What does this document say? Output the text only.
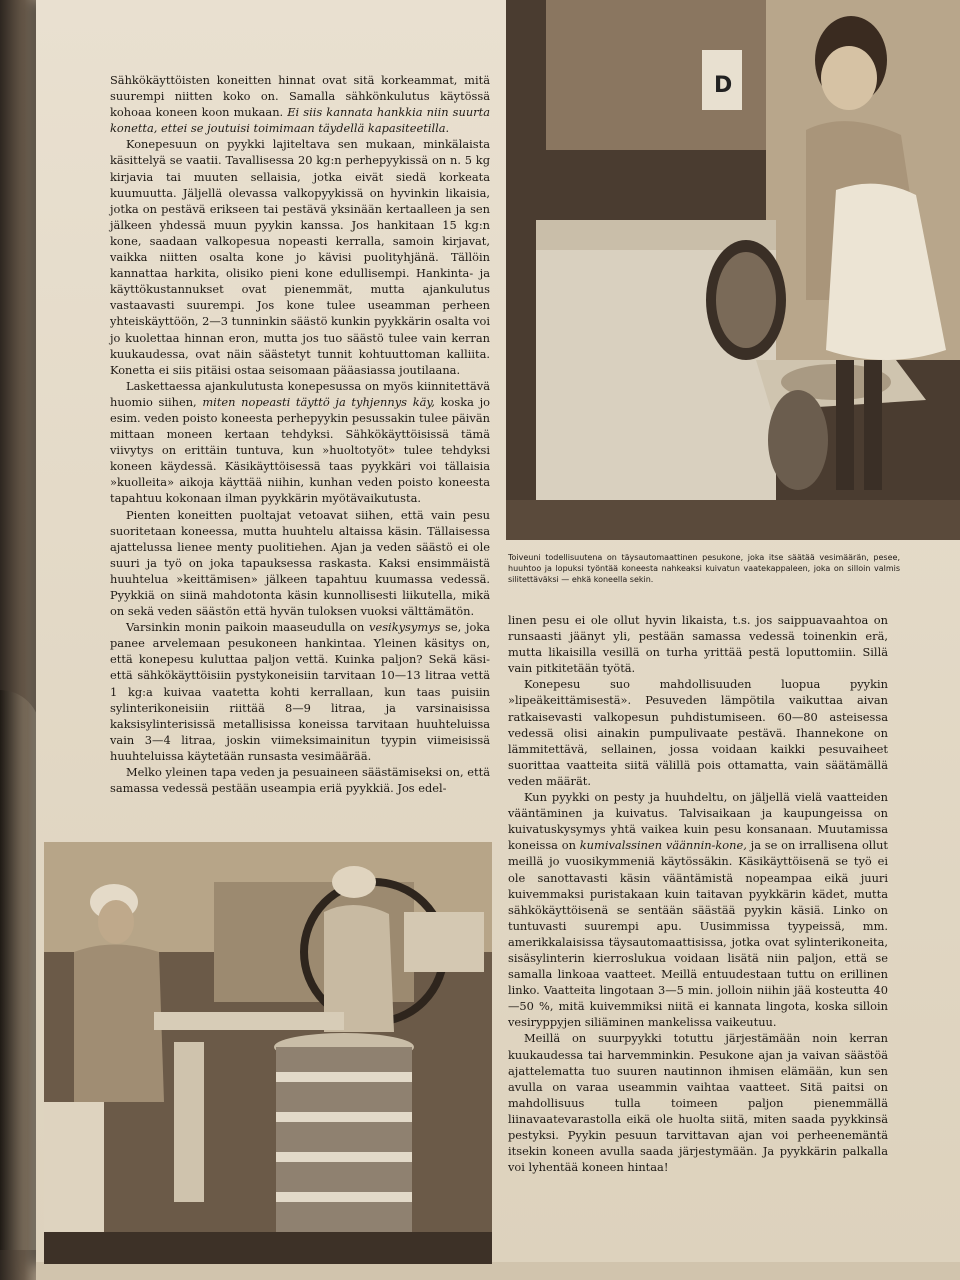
Sähkökäyttöisten koneitten hinnat ovat sitä korkeammat, mitä suurempi niitten koko on. Samalla sähkönkulutus käytössä kohoaa koneen koon mukaan. Ei siis kannata hankkia niin suurta konetta, ettei se joutuisi toimimaan täydellä kapasiteetilla.

Konepesuun on pyykki lajiteltava sen mukaan, minkälaista käsittelyä se vaatii. Tavallisessa 20 kg:n perhepyykissä on n. 5 kg kirjavia tai muuten sellaisia, jotka eivät siedä korkeata kuumuutta. Jäljellä olevassa valkopyykissä on hyvinkin likaisia, jotka on pestävä erikseen tai pestävä yksinään kertaalleen ja sen jälkeen yhdessä muun pyykin kanssa. Jos hankitaan 15 kg:n kone, saadaan valkopesua nopeasti kerralla, samoin kirjavat, vaikka niitten osalta kone jo kävisi puolityhjänä. Tällöin kannattaa harkita, olisiko pieni kone edullisempi. Hankinta- ja käyttökustannukset ovat pienemmät, mutta ajankulutus vastaavasti suurempi. Jos kone tulee useamman perheen yhteiskäyttöön, 2—3 tunninkin säästö kunkin pyykkärin osalta voi jo kuolettaa hinnan eron, mutta jos tuo säästö tulee vain kerran kuukaudessa, ovat näin säästetyt tunnit kohtuuttoman kalliita. Konetta ei siis pitäisi ostaa seisomaan pääasiassa joutilaana.

Laskettaessa ajankulutusta konepesussa on myös kiinnitettävä huomio siihen, miten nopeasti täyttö ja tyhjennys käy, koska jo esim. veden poisto koneesta perhepyykin pesussakin tulee päivän mittaan moneen kertaan tehdyksi. Sähkökäyttöisissä tämä viivytys on erittäin tuntuva, kun »huoltotyöt» tulee tehdyksi koneen käydessä. Käsikäyttöisessä taas pyykkäri voi tällaisia »kuolleita» aikoja käyttää niihin, kunhan veden poisto koneesta tapahtuu kokonaan ilman pyykkärin myötävaikutusta.

Pienten koneitten puoltajat vetoavat siihen, että vain pesu suoritetaan koneessa, mutta huuhtelu altaissa käsin. Tällaisessa ajattelussa lienee menty puolitiehen. Ajan ja veden säästö ei ole suuri ja työ on joka tapauksessa raskasta. Kaksi ensimmäistä huuhtelua »keittämisen» jälkeen tapahtuu kuumassa vedessä. Pyykkiä on siinä mahdotonta käsin kunnollisesti liikutella, mikä on sekä veden säästön että hyvän tuloksen vuoksi välttämätön.

Varsinkin monin paikoin maaseudulla on vesikysymys se, joka panee arvelemaan pesukoneen hankintaa. Yleinen käsitys on, että konepesu kuluttaa paljon vettä. Kuinka paljon? Sekä käsi- että sähkökäyttöisiin pystykoneisiin tarvitaan 10—13 litraa vettä 1 kg:a kuivaa vaatetta kohti kerrallaan, kun taas puisiin sylinterikoneisiin riittää 8—9 litraa, ja varsinaisissa kaksisylinterisissä metallisissa koneissa tarvitaan huuhteluissa vain 3—4 litraa, joskin viimeksimainitun tyypin viimeisissä huuhteluissa käytetään runsasta vesimäärää.

Melko yleinen tapa veden ja pesuaineen säästämiseksi on, että samassa vedessä pestään useampia eriä pyykkiä. Jos edel-

D
Toiveuni todellisuutena on täysautomaattinen pesukone, joka itse säätää vesimäärän, pesee, huuhtoo ja lopuksi työntää koneesta nahkeaksi kuivatun vaatekappaleen, joka on silloin valmis silitettäväksi — ehkä koneella sekin.

linen pesu ei ole ollut hyvin likaista, t.s. jos saippuavaahtoa on runsaasti jäänyt yli, pestään samassa vedessä toinenkin erä, mutta likaisilla vesillä on turha yrittää pestä loputtomiin. Sillä vain pitkitetään työtä.

Konepesu suo mahdollisuuden luopua pyykin »lipeäkeittämisestä». Pesuveden lämpötila vaikuttaa aivan ratkaisevasti valkopesun puhdistumiseen. 60—80 asteisessa vedessä olisi ainakin pumpulivaate pestävä. Ihannekone on lämmitettävä, sellainen, jossa voidaan kaikki pesuvaiheet suorittaa vaatteita siitä välillä pois ottamatta, vain säätämällä veden määrät.

Kun pyykki on pesty ja huuhdeltu, on jäljellä vielä vaatteiden vääntäminen ja kuivatus. Talvisaikaan ja kaupungeissa on kuivatuskysymys yhtä vaikea kuin pesu konsanaan. Muutamissa koneissa on kumivalssinen väännin-kone, ja se on irrallisena ollut meillä jo vuosikymmeniä käytössäkin. Käsikäyttöisenä se työ ei ole sanottavasti käsin vääntämistä nopeampaa eikä juuri kuivemmaksi puristakaan kuin taitavan pyykkärin kädet, mutta sähkökäyttöisenä se sentään säästää pyykin käsiä. Linko on tuntuvasti suurempi apu. Uusimmissa tyypeissä, mm. amerikkalaisissa täysautomaattisissa, jotka ovat sylinterikoneita, sisäsylinterin kierroslukua voidaan lisätä niin paljon, että se samalla linkoaa vaatteet. Meillä entuudestaan tuttu on erillinen linko. Vaatteita lingotaan 3—5 min. jolloin niihin jää kosteutta 40—50 %, mitä kuivemmiksi niitä ei kannata lingota, koska silloin vesiryppyjen siliäminen mankelissa vaikeutuu.

Meillä on suurpyykki totuttu järjestämään noin kerran kuukaudessa tai harvemminkin. Pesukone ajan ja vaivan säästöä ajattelematta tuo suuren nautinnon ihmisen elämään, kun sen avulla on varaa useammin vaihtaa vaatteet. Sitä paitsi on mahdollisuus tulla toimeen paljon pienemmällä liinavaatevarastolla eikä ole huolta siitä, miten saada pyykkinsä pestyksi. Pyykin pesuun tarvittavan ajan voi perheenemäntä itsekin koneen avulla saada järjestymään. Ja pyykkärin palkalla voi lyhentää koneen hintaa!
